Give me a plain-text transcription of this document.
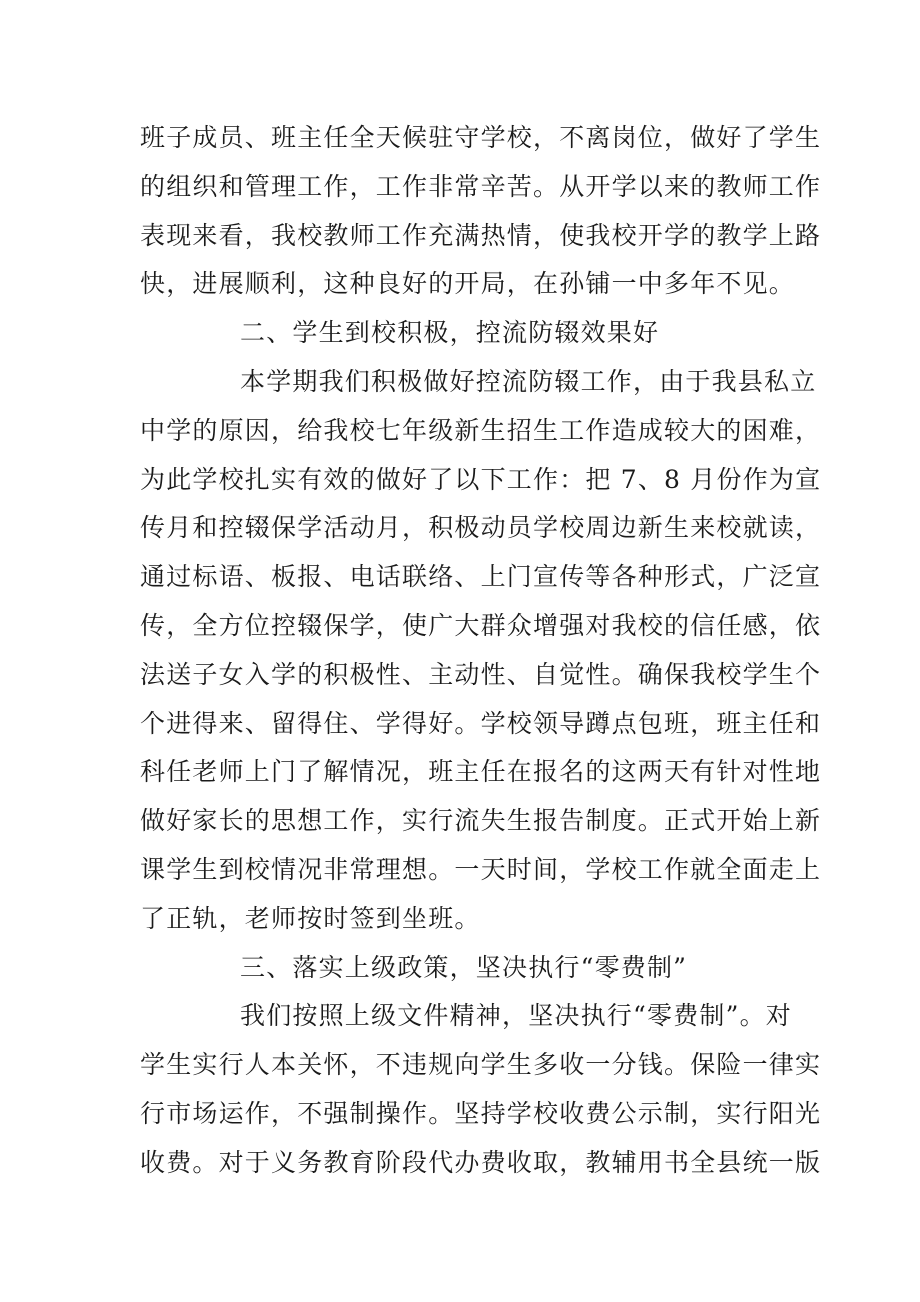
班子成员、班主任全天候驻守学校，不离岗位，做好了学生
的组织和管理工作，工作非常辛苦。从开学以来的教师工作
表现来看，我校教师工作充满热情，使我校开学的教学上路
快，进展顺利，这种良好的开局，在孙铺一中多年不见。
二、学生到校积极，控流防辍效果好
本学期我们积极做好控流防辍工作，由于我县私立
中学的原因，给我校七年级新生招生工作造成较大的困难，
为此学校扎实有效的做好了以下工作：把 7、8 月份作为宣
传月和控辍保学活动月，积极动员学校周边新生来校就读，
通过标语、板报、电话联络、上门宣传等各种形式，广泛宣
传，全方位控辍保学，使广大群众增强对我校的信任感，依
法送子女入学的积极性、主动性、自觉性。确保我校学生个
个进得来、留得住、学得好。学校领导蹲点包班，班主任和
科任老师上门了解情况，班主任在报名的这两天有针对性地
做好家长的思想工作，实行流失生报告制度。正式开始上新
课学生到校情况非常理想。一天时间，学校工作就全面走上
了正轨，老师按时签到坐班。
三、落实上级政策，坚决执行“零费制”
我们按照上级文件精神，坚决执行“零费制”。对
学生实行人本关怀，不违规向学生多收一分钱。保险一律实
行市场运作，不强制操作。坚持学校收费公示制，实行阳光
收费。对于义务教育阶段代办费收取，教辅用书全县统一版
